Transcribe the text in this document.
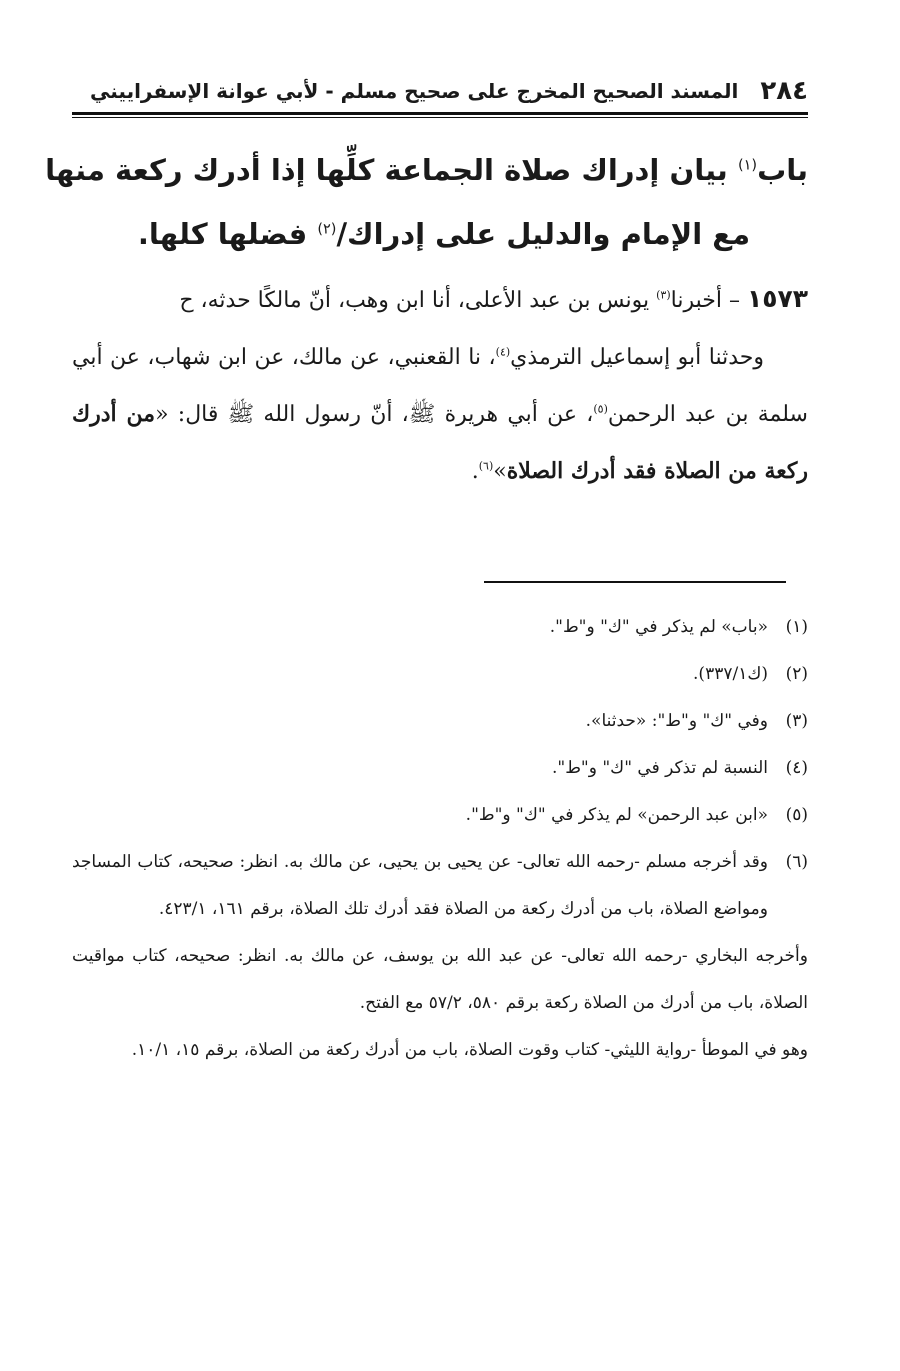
٢٨٤
المسند الصحيح المخرج على صحيح مسلم - لأبي عوانة الإسفراييني
باب$^{(١)}$ بيان إدراك صلاة الجماعة كلِّها إذا أدرك ركعة منها
مع الإمام والدليل على إدراك/$^{(٢)}$ فضلها كلها.

١٥٧٣ – أخبرنا$^{(٣)}$ يونس بن عبد الأعلى، أنا ابن وهب، أنّ مالكًا حدثه، ح

  وحدثنا أبو إسماعيل الترمذي$^{(٤)}$، نا القعنبي، عن مالك، عن ابن شهاب، عن أبي سلمة بن عبد الرحمن$^{(٥)}$، عن أبي هريرة ﷺ، أنّ رسول الله ﷺ قال: «من أدرك ركعة من الصلاة فقد أدرك الصلاة»$^{(٦)}$.

(١)
«باب» لم يذكر في "ك" و"ط".
(٢)
(ك٣٣٧/١).
(٣)
وفي "ك" و"ط": «حدثنا».
(٤)
النسبة لم تذكر في "ك" و"ط".
(٥)
«ابن عبد الرحمن» لم يذكر في "ك" و"ط".
(٦)
وقد أخرجه مسلم -رحمه الله تعالى- عن يحيى بن يحيى، عن مالك به. انظر: صحيحه، كتاب المساجد ومواضع الصلاة، باب من أدرك ركعة من الصلاة فقد أدرك تلك الصلاة، برقم ١٦١، ٤٢٣/١.
وأخرجه البخاري -رحمه الله تعالى- عن عبد الله بن يوسف، عن مالك به. انظر: صحيحه، كتاب مواقيت الصلاة، باب من أدرك من الصلاة ركعة برقم ٥٨٠، ٥٧/٢ مع الفتح.
وهو في الموطأ -رواية الليثي- كتاب وقوت الصلاة، باب من أدرك ركعة من الصلاة، برقم ١٥، ١٠/١.
